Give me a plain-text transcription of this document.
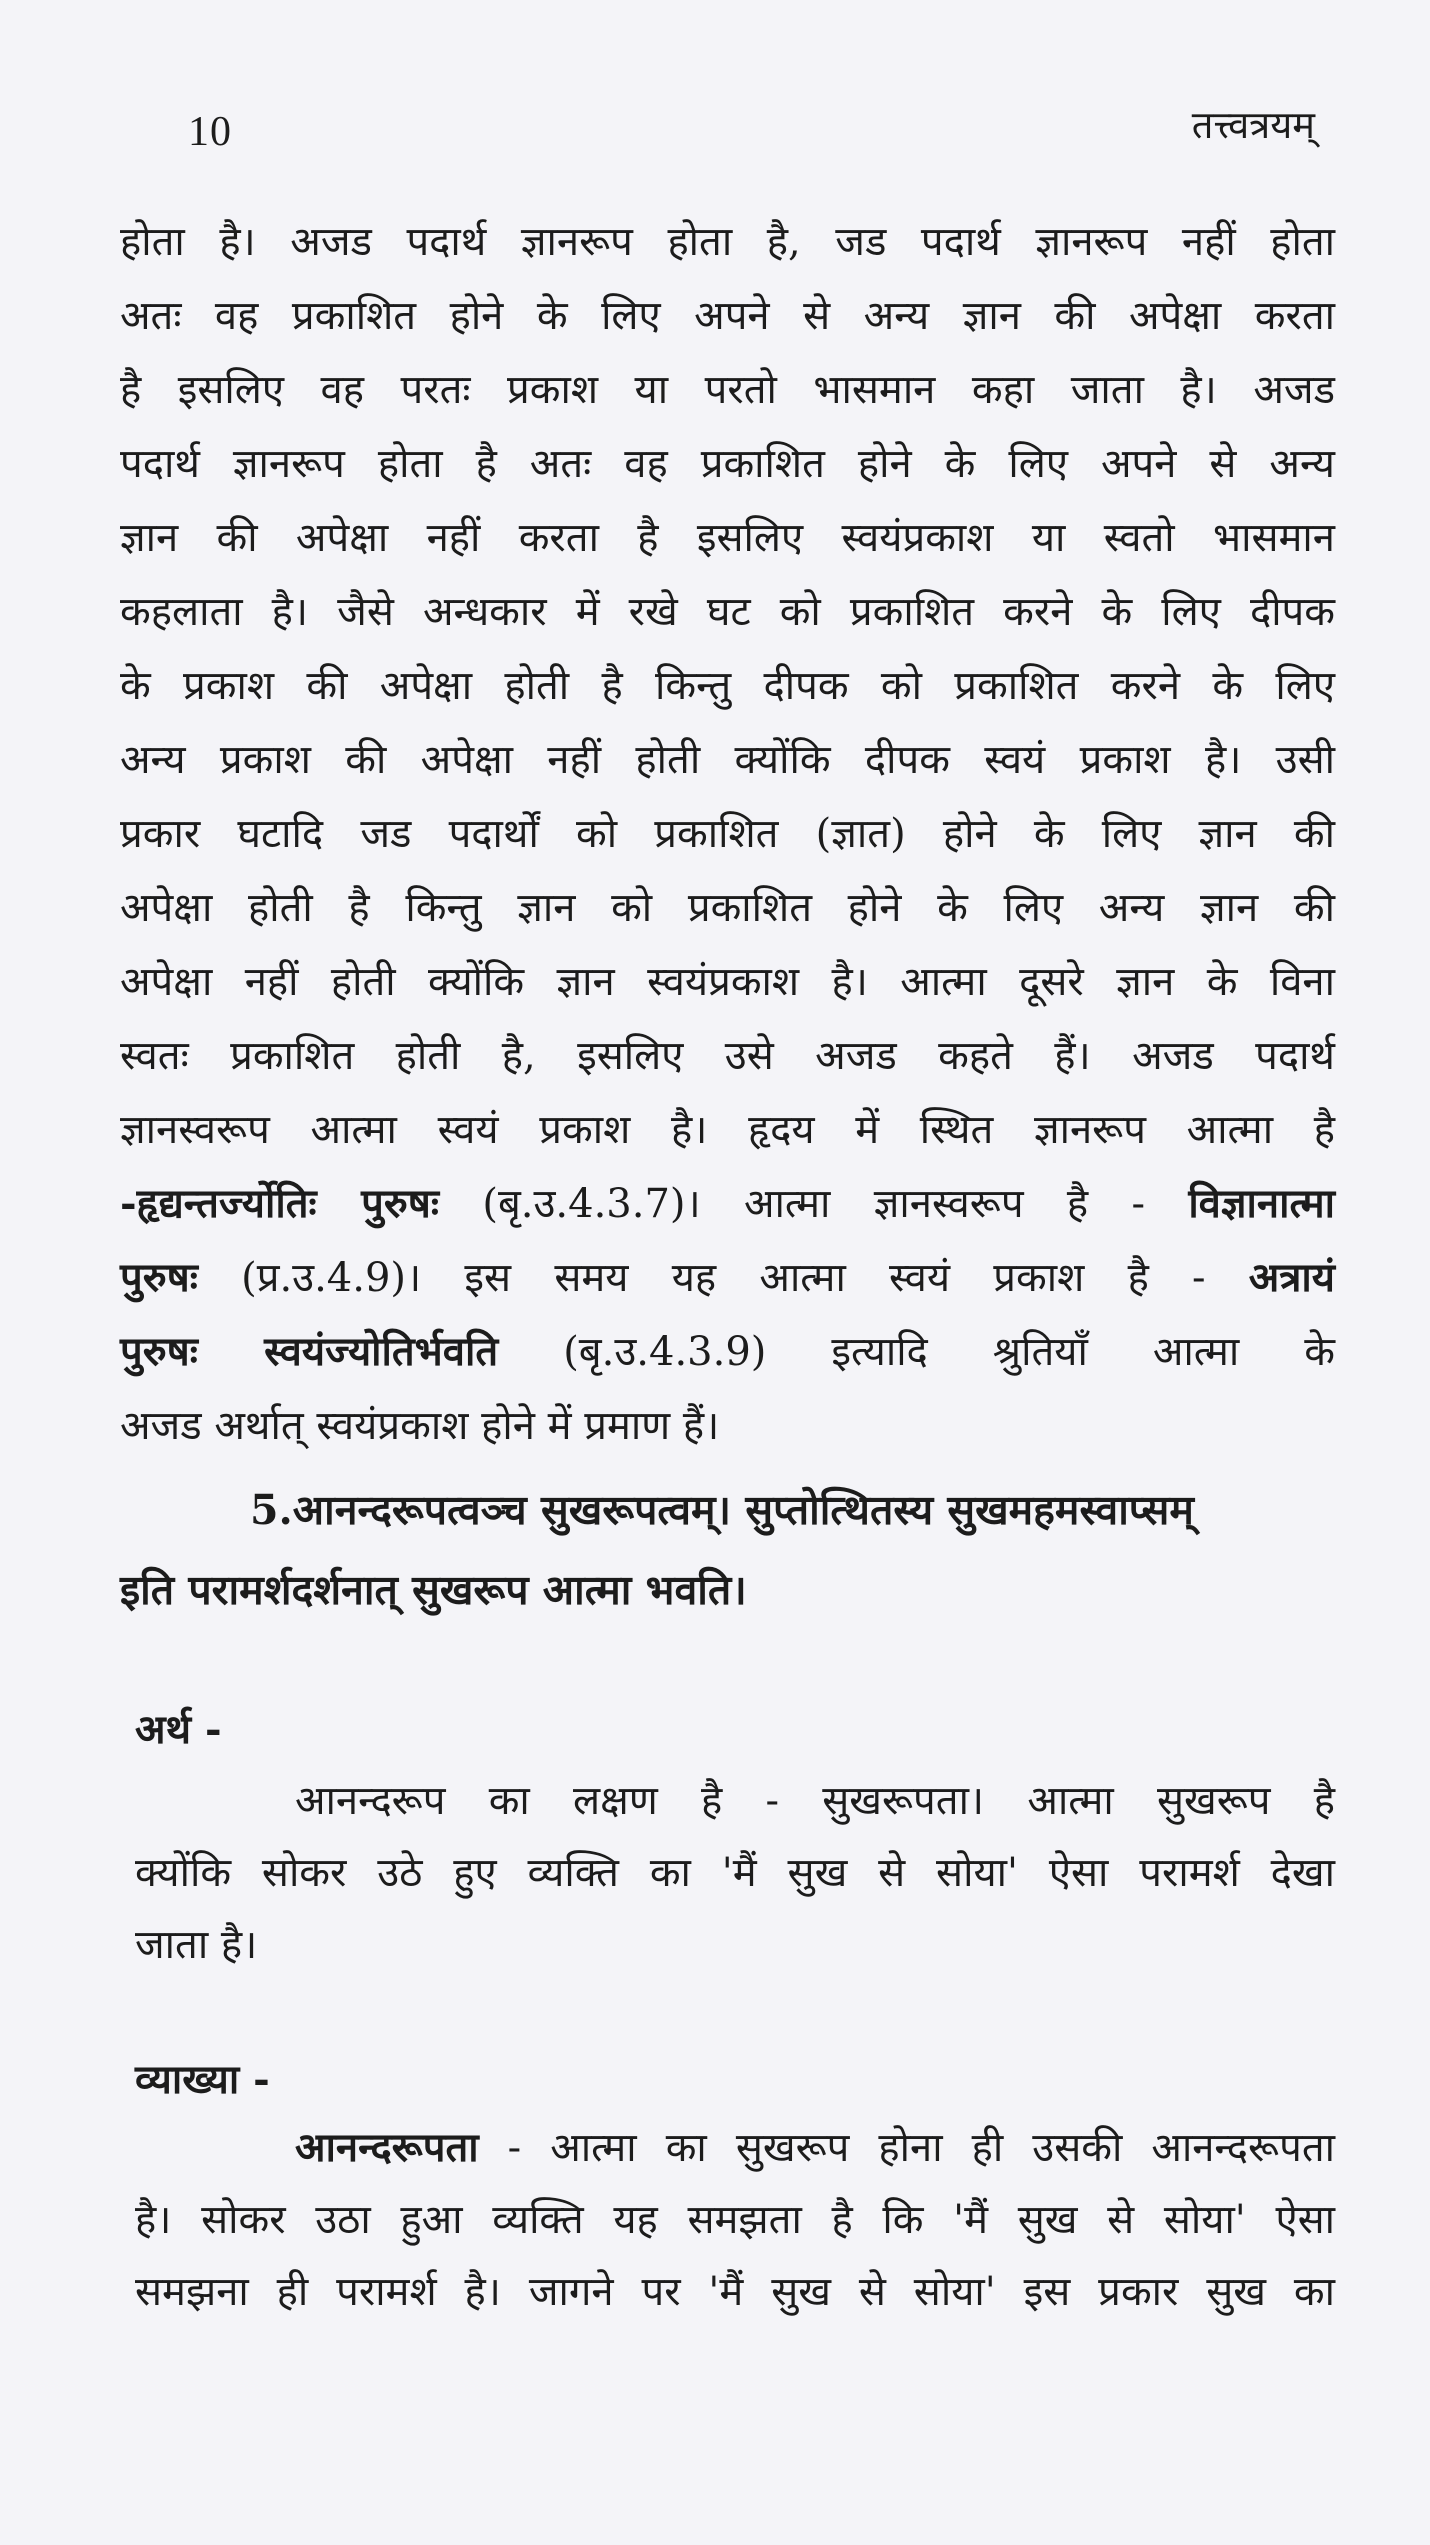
10	तत्त्वत्रयम्
होता है। अजड पदार्थ ज्ञानरूप होता है, जड पदार्थ ज्ञानरूप नहीं होता
अतः वह प्रकाशित होने के लिए अपने से अन्य ज्ञान की अपेक्षा करता
है इसलिए वह परतः प्रकाश या परतो भासमान कहा जाता है। अजड
पदार्थ ज्ञानरूप होता है अतः वह प्रकाशित होने के लिए अपने से अन्य
ज्ञान की अपेक्षा नहीं करता है इसलिए स्वयंप्रकाश या स्वतो भासमान
कहलाता है। जैसे अन्धकार में रखे घट को प्रकाशित करने के लिए दीपक
के प्रकाश की अपेक्षा होती है किन्तु दीपक को प्रकाशित करने के लिए
अन्य प्रकाश की अपेक्षा नहीं होती क्योंकि दीपक स्वयं प्रकाश है। उसी
प्रकार घटादि जड पदार्थों को प्रकाशित (ज्ञात) होने के लिए ज्ञान की
अपेक्षा होती है किन्तु ज्ञान को प्रकाशित होने के लिए अन्य ज्ञान की
अपेक्षा नहीं होती क्योंकि ज्ञान स्वयंप्रकाश है। आत्मा दूसरे ज्ञान के विना
स्वतः प्रकाशित होती है, इसलिए उसे अजड कहते हैं। अजड पदार्थ
ज्ञानस्वरूप आत्मा स्वयं प्रकाश है। हृदय में स्थित ज्ञानरूप आत्मा है
-हृद्यन्तर्ज्योतिः पुरुषः (बृ.उ.4.3.7)। आत्मा ज्ञानस्वरूप है - विज्ञानात्मा
पुरुषः (प्र.उ.4.9)। इस समय यह आत्मा स्वयं प्रकाश है - अत्रायं
पुरुषः स्वयंज्योतिर्भवति (बृ.उ.4.3.9) इत्यादि श्रुतियाँ आत्मा के
अजड अर्थात् स्वयंप्रकाश होने में प्रमाण हैं।
5.आनन्दरूपत्वञ्च सुखरूपत्वम्। सुप्तोत्थितस्य सुखमहमस्वाप्सम्
इति परामर्शदर्शनात् सुखरूप आत्मा भवति।
अर्थ -
आनन्दरूप का लक्षण है - सुखरूपता। आत्मा सुखरूप है
क्योंकि सोकर उठे हुए व्यक्ति का 'मैं सुख से सोया' ऐसा परामर्श देखा
जाता है।
व्याख्या -
आनन्दरूपता - आत्मा का सुखरूप होना ही उसकी आनन्दरूपता
है। सोकर उठा हुआ व्यक्ति यह समझता है कि 'मैं सुख से सोया' ऐसा
समझना ही परामर्श है। जागने पर 'मैं सुख से सोया' इस प्रकार सुख का
